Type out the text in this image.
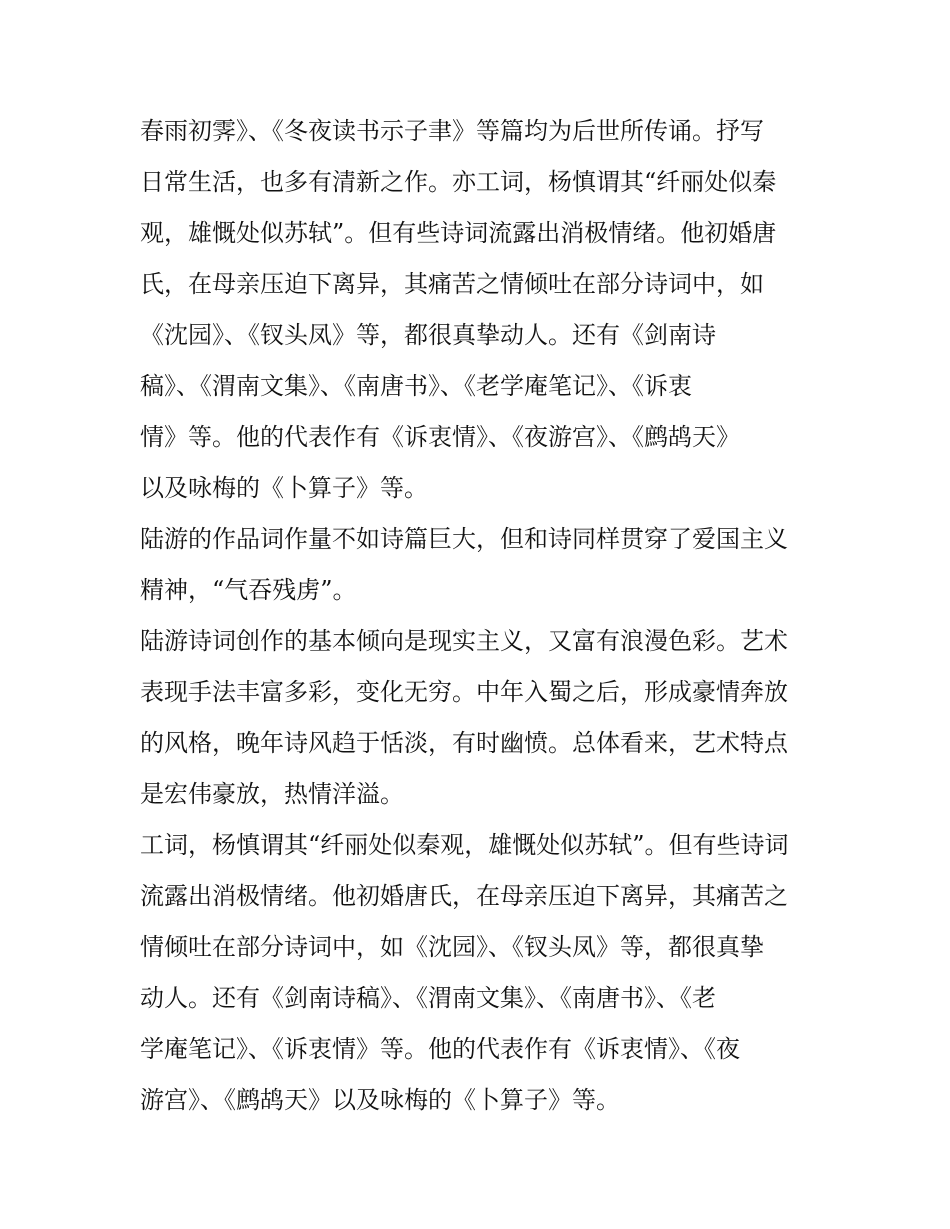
春雨初霁》、《冬夜读书示子聿》等篇均为后世所传诵。抒写
日常生活，也多有清新之作。亦工词，杨慎谓其“纤丽处似秦
观，雄慨处似苏轼”。但有些诗词流露出消极情绪。他初婚唐
氏，在母亲压迫下离异，其痛苦之情倾吐在部分诗词中，如
《沈园》、《钗头凤》等，都很真挚动人。还有《剑南诗
稿》、《渭南文集》、《南唐书》、《老学庵笔记》、《诉衷
情》等。他的代表作有《诉衷情》、《夜游宫》、《鹧鸪天》
以及咏梅的《卜算子》等。
陆游的作品词作量不如诗篇巨大，但和诗同样贯穿了爱国主义
精神，“气吞残虏”。
陆游诗词创作的基本倾向是现实主义，又富有浪漫色彩。艺术
表现手法丰富多彩，变化无穷。中年入蜀之后，形成豪情奔放
的风格，晚年诗风趋于恬淡，有时幽愤。总体看来，艺术特点
是宏伟豪放，热情洋溢。
工词，杨慎谓其“纤丽处似秦观，雄慨处似苏轼”。但有些诗词
流露出消极情绪。他初婚唐氏，在母亲压迫下离异，其痛苦之
情倾吐在部分诗词中，如《沈园》、《钗头凤》等，都很真挚
动人。还有《剑南诗稿》、《渭南文集》、《南唐书》、《老
学庵笔记》、《诉衷情》等。他的代表作有《诉衷情》、《夜
游宫》、《鹧鸪天》以及咏梅的《卜算子》等。
